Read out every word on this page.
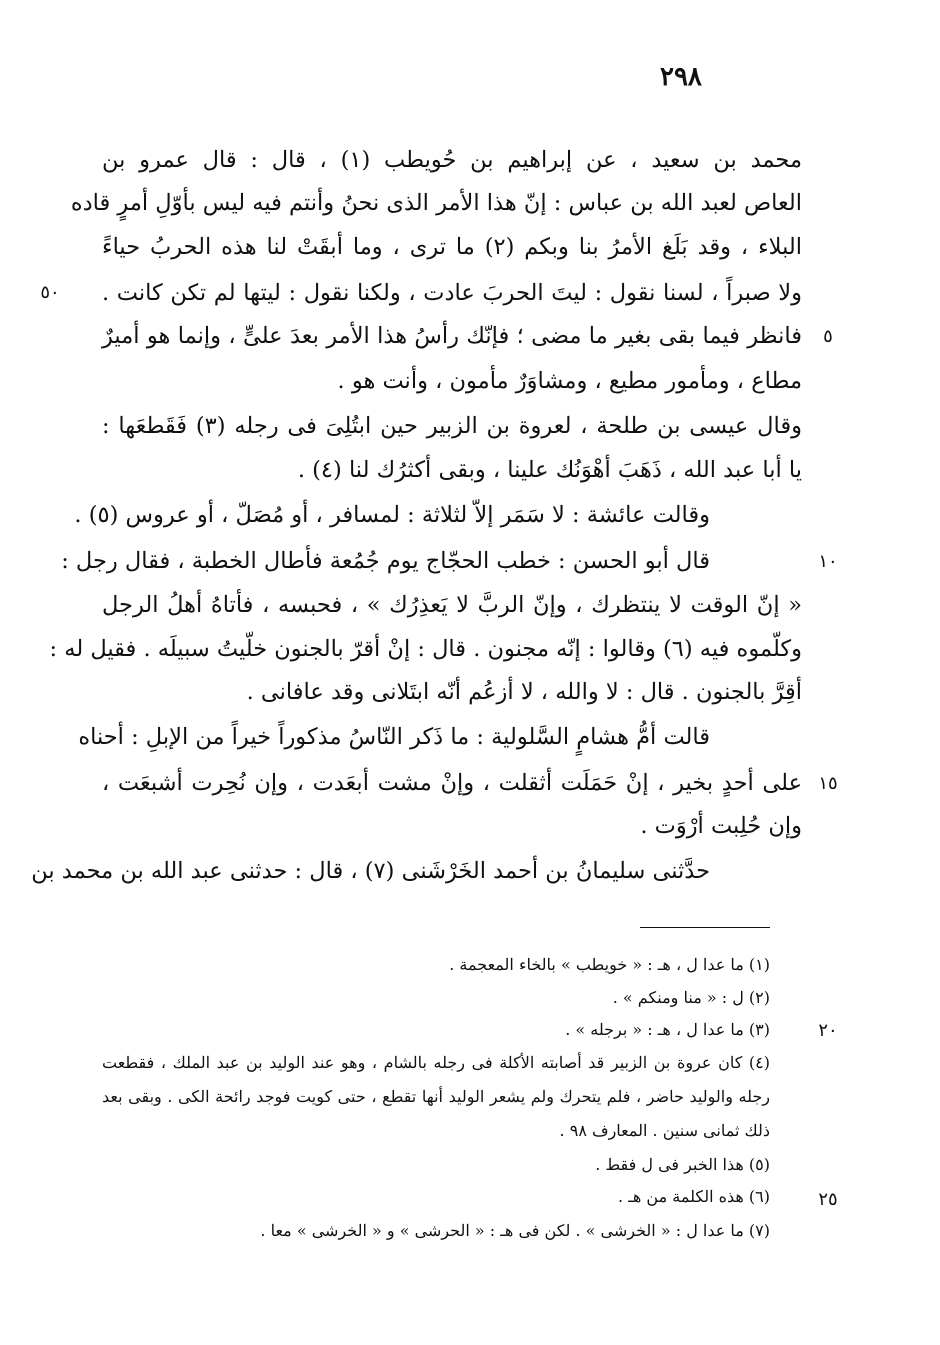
٢٩٨
محمد بن سعيد ، عن إبراهيم بن حُويطب (١) ، قال : قال عمرو بن
العاص لعبد الله بن عباس : إنّ هذا الأمر الذى نحنُ وأنتم فيه ليس بأوّلِ أمرٍ قاده
البلاء ، وقد بَلَغ الأمرُ بنا وبكم (٢) ما ترى ، وما أبقَتْ لنا هذه الحربُ حياءً
ولا صبراً ، لسنا نقول : ليتَ الحربَ عادت ، ولكنا نقول : ليتها لم تكن كانت .
فانظر فيما بقى بغير ما مضى ؛ فإنّك رأسُ هذا الأمر بعدَ علىٍّ ، وإنما هو أميرٌ
مطاع ، ومأمور مطيع ، ومشاوَرٌ مأمون ، وأنت هو .
وقال عيسى بن طلحة ، لعروة بن الزبير حين ابتُلِىَ فى رجله (٣) فَقَطعَها :
يا أبا عبد الله ، ذَهَبَ أهْوَنُك علينا ، وبقى أكثرُك لنا (٤) .
وقالت عائشة : لا سَمَر إلاّ لثلاثة : لمسافر ، أو مُصَلّ ، أو عروس (٥) .
قال أبو الحسن : خطب الحجّاج يوم جُمُعة فأطال الخطبة ، فقال رجل :
« إنّ الوقت لا ينتظرك ، وإنّ الربَّ لا يَعذِرُك » ، فحبسه ، فأتاهُ أهلُ الرجل
وكلّموه فيه (٦) وقالوا : إنّه مجنون . قال : إنْ أقرّ بالجنون خلّيتُ سبيلَه . فقيل له :
أقِرَّ بالجنون . قال : لا والله ، لا أزعُم أنّه ابتَلانى وقد عافانى .
قالت أمُّ هشامٍ السَّلولية : ما ذَكر النّاسُ مذكوراً خيراً من الإبلِ : أحناه
على أحدٍ بخير ، إنْ حَمَلَت أثقلت ، وإنْ مشت أبعَدت ، وإن نُحِرت أشبعَت ،
وإن حُلِبت أرْوَت .
حدَّثنى سليمانُ بن أحمد الخَرْشَنى (٧) ، قال : حدثنى عبد الله بن محمد بن
٥٠
٥
١٠
١٥
٢٠
٢٥
(١) ما عدا ل ، هـ : « خويطب » بالخاء المعجمة .
(٢) ل : « منا ومنكم » .
(٣) ما عدا ل ، هـ : « برجله » .
(٤) كان عروة بن الزبير قد أصابته الأكلة فى رجله بالشام ، وهو عند الوليد بن عبد الملك ، فقطعت
رجله والوليد حاضر ، فلم يتحرك ولم يشعر الوليد أنها تقطع ، حتى كويت فوجد رائحة الكى . وبقى بعد
ذلك ثمانى سنين . المعارف ٩٨ .
(٥) هذا الخبر فى ل فقط .
(٦) هذه الكلمة من هـ .
(٧) ما عدا ل : « الخرشى » . لكن فى هـ : « الحرشى » و « الخرشى » معا .
